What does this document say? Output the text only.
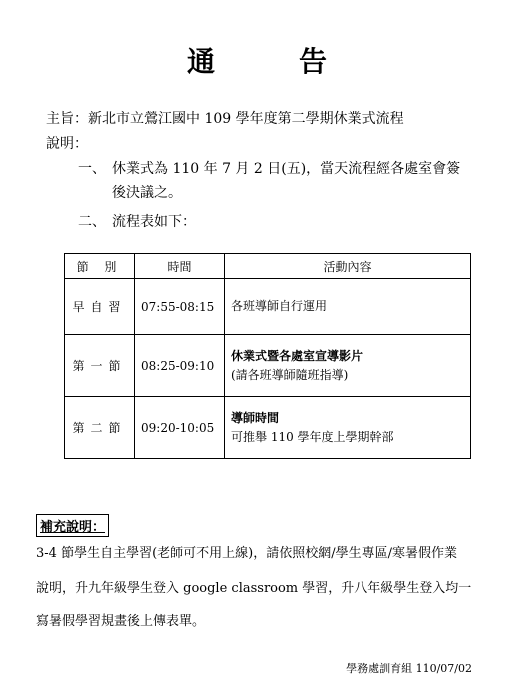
通	告
主旨：新北市立鶯江國中 109 學年度第二學期休業式流程
說明：
一、 休業式為 110 年 7 月 2 日(五)，當天流程經各處室會簽
後決議之。
二、 流程表如下：
節 別	時間	活動內容
早自習	07:55-08:15	各班導師自行運用

第一節	08:25-09:10	休業式暨各處室宣導影片
(請各班導師隨班指導)

第二節	09:20-10:05	導師時間
可推舉 110 學年度上學期幹部
補充說明：
3-4 節學生自主學習(老師可不用上線)，請依照校網/學生專區/寒暑假作業
說明，升九年級學生登入 google classroom 學習，升八年級學生登入均一
寫暑假學習規畫後上傳表單。
學務處訓育組 110/07/02
